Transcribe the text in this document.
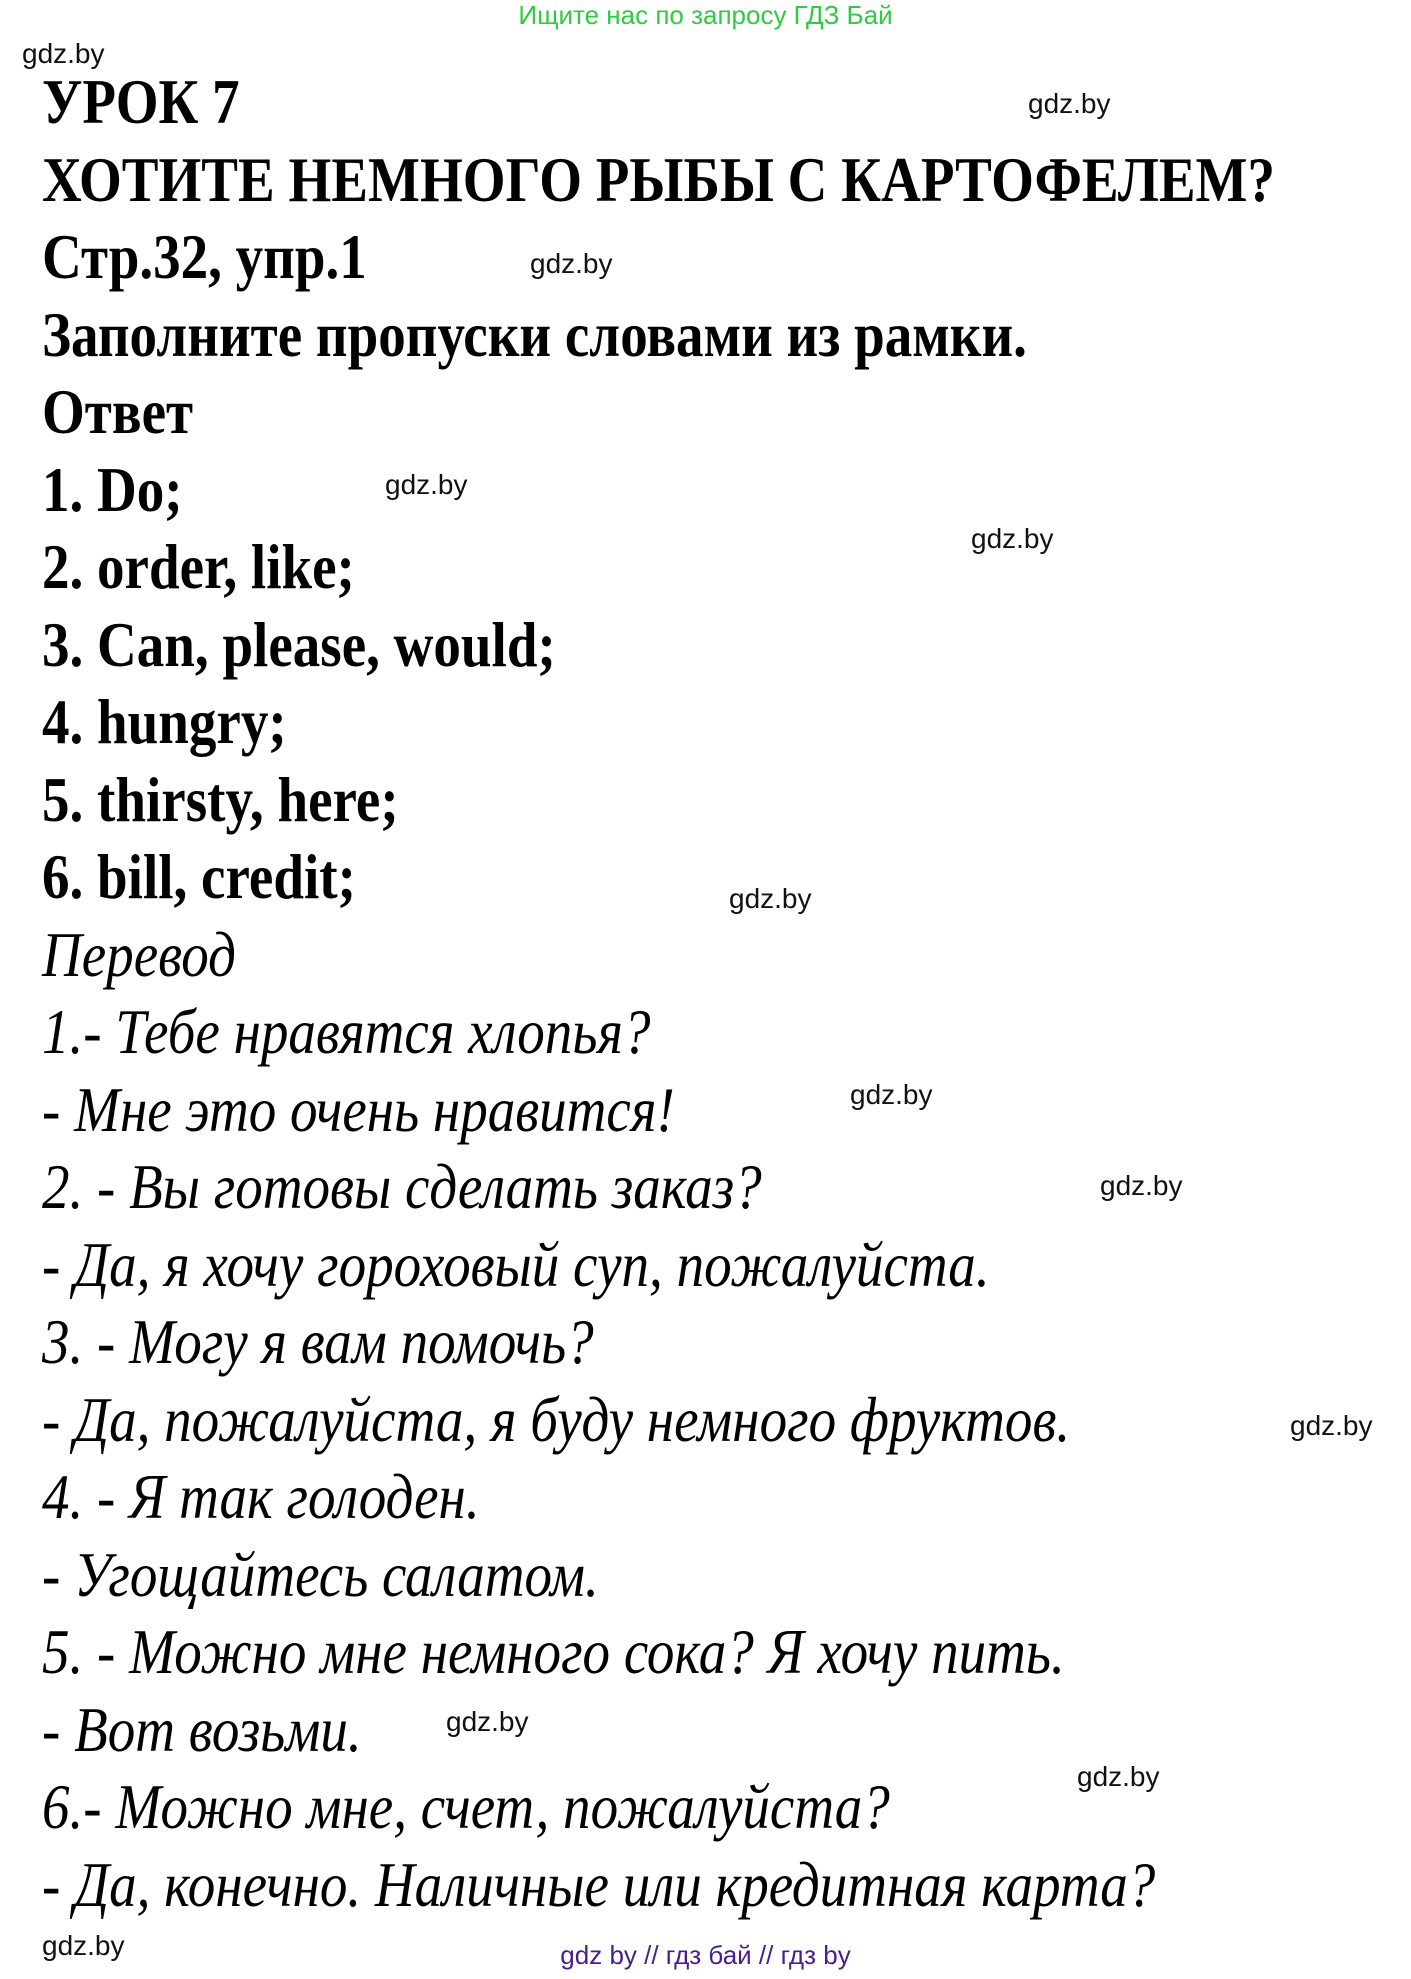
Ищите нас по запросу ГДЗ Бай
УРОК 7
ХОТИТЕ НЕМНОГО РЫБЫ С КАРТОФЕЛЕМ?
Стр.32, упр.1
Заполните пропуски словами из рамки.
Ответ
1. Do;
2. order, like;
3. Can, please, would;
4. hungry;
5. thirsty, here;
6. bill, credit;
Перевод
1.- Тебе нравятся хлопья?
- Мне это очень нравится!
2. - Вы готовы сделать заказ?
- Да, я хочу гороховый суп, пожалуйста.
3. - Могу я вам помочь?
- Да, пожалуйста, я буду немного фруктов.
4. - Я так голоден.
- Угощайтесь салатом.
5. - Можно мне немного сока? Я хочу пить.
- Вот возьми.
6.- Можно мне, счет, пожалуйста?
- Да, конечно. Наличные или кредитная карта?
gdz.by
gdz.by
gdz.by
gdz.by
gdz.by
gdz.by
gdz.by
gdz.by
gdz.by
gdz.by
gdz.by
gdz.by	gdz by // гдз бай // гдз by
